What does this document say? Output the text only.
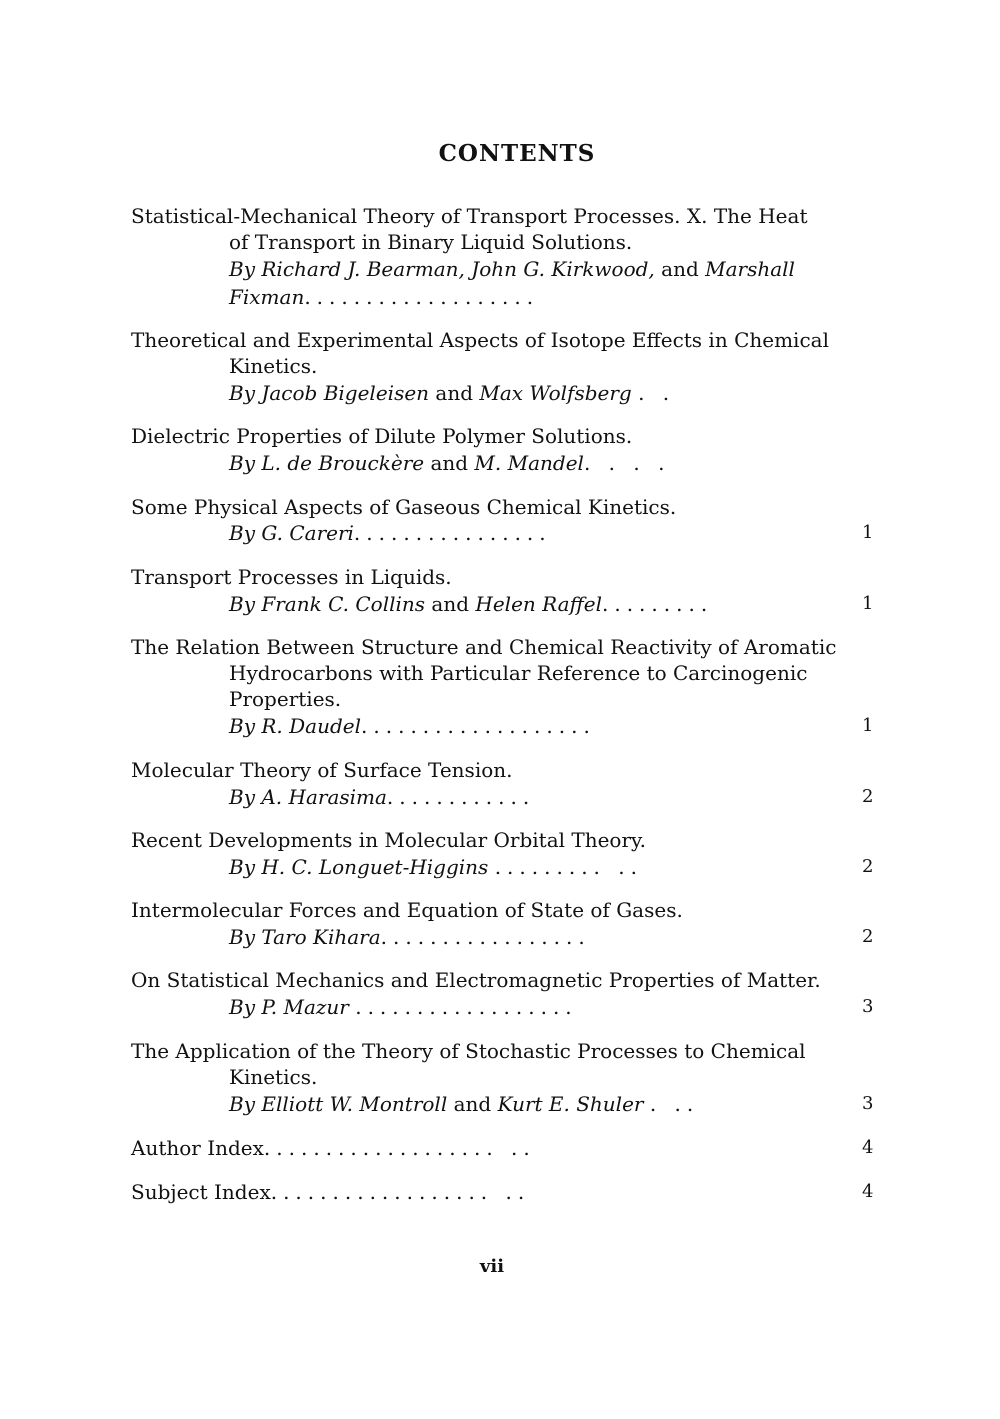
CONTENTS
Statistical-Mechanical Theory of Transport Processes. X. The Heat
of Transport in Binary Liquid Solutions.
By Richard J. Bearman, John G. Kirkwood, and Marshall
Fixman...................
Theoretical and Experimental Aspects of Isotope Effects in Chemical
Kinetics.
By Jacob Bigeleisen and Max Wolfsberg . .
Dielectric Properties of Dilute Polymer Solutions.
By L. de Brouckère and M. Mandel. . . .
Some Physical Aspects of Gaseous Chemical Kinetics.
By G. Careri................	1
Transport Processes in Liquids.
By Frank C. Collins and Helen Raffel.........	1
The Relation Between Structure and Chemical Reactivity of Aromatic
Hydrocarbons with Particular Reference to Carcinogenic
Properties.
By R. Daudel...................	1
Molecular Theory of Surface Tension.
By A. Harasima............	2
Recent Developments in Molecular Orbital Theory.
By H. C. Longuet-Higgins ......... ..	2
Intermolecular Forces and Equation of State of Gases.
By Taro Kihara.................	2
On Statistical Mechanics and Electromagnetic Properties of Matter.
By P. Mazur ..................	3
The Application of the Theory of Stochastic Processes to Chemical
Kinetics.
By Elliott W. Montroll and Kurt E. Shuler . ..	3
Author Index................... ..	4
Subject Index.................. ..	4
vii
